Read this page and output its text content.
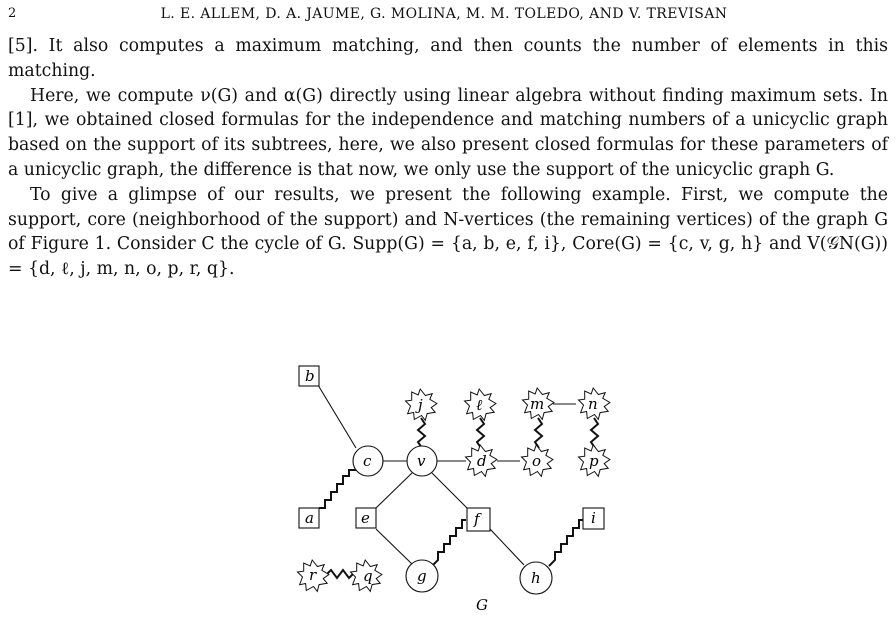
2	L. E. ALLEM, D. A. JAUME, G. MOLINA, M. M. TOLEDO, AND V. TREVISAN

[5]. It also computes a maximum matching, and then counts the number of elements in this matching.

Here, we compute ν(G) and α(G) directly using linear algebra without finding maximum sets. In [1], we obtained closed formulas for the independence and matching numbers of a unicyclic graph based on the support of its subtrees, here, we also present closed formulas for these parameters of a unicyclic graph, the difference is that now, we only use the support of the unicyclic graph G.

To give a glimpse of our results, we present the following example. First, we compute the support, core (neighborhood of the support) and N-vertices (the remaining vertices) of the graph G of Figure 1. Consider C the cycle of G. Supp(G) = {a, b, e, f, i}, Core(G) = {c, v, g, h} and V(𝒢N(G)) = {d, ℓ, j, m, n, o, p, r, q}.

b
a	e	f	i
c	v
g	h
j	ℓ	m	n
d	o	p
r	q
G
